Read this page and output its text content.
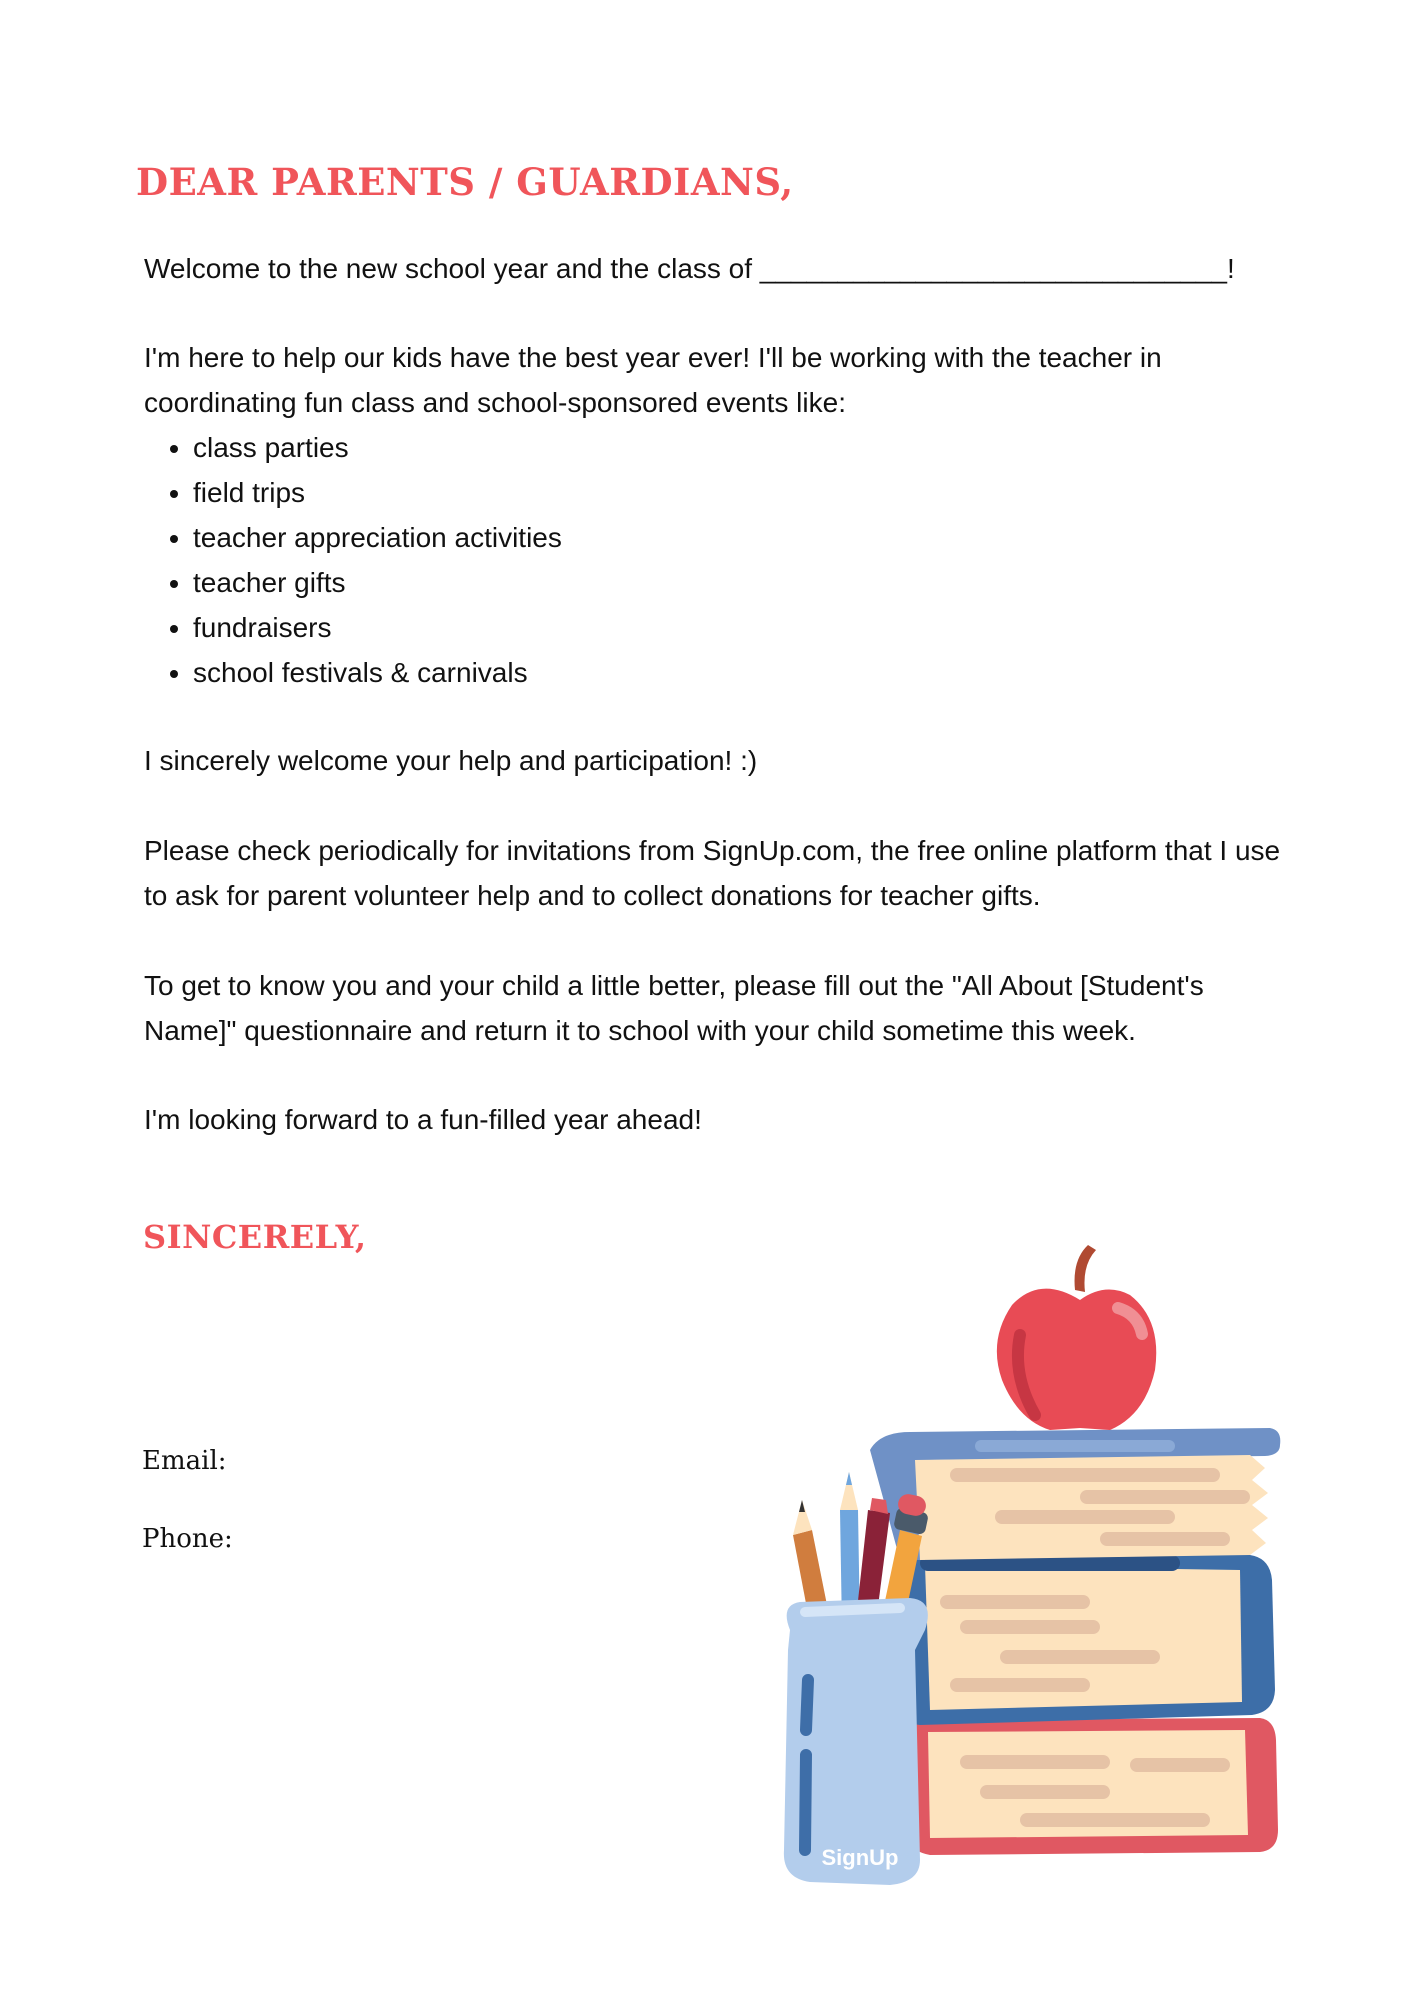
DEAR PARENTS / GUARDIANS,

Welcome to the new school year and the class of ______________________________!

I'm here to help our kids have the best year ever! I'll be working with the teacher in coordinating fun class and school-sponsored events like:

• class parties
• field trips
• teacher appreciation activities
• teacher gifts
• fundraisers
• school festivals & carnivals

I sincerely welcome your help and participation! :)

Please check periodically for invitations from SignUp.com, the free online platform that I use to ask for parent volunteer help and to collect donations for teacher gifts.

To get to know you and your child a little better, please fill out the "All About [Student's Name]" questionnaire and return it to school with your child sometime this week.

I'm looking forward to a fun-filled year ahead!

SINCERELY,

Email:

Phone:

SignUp
